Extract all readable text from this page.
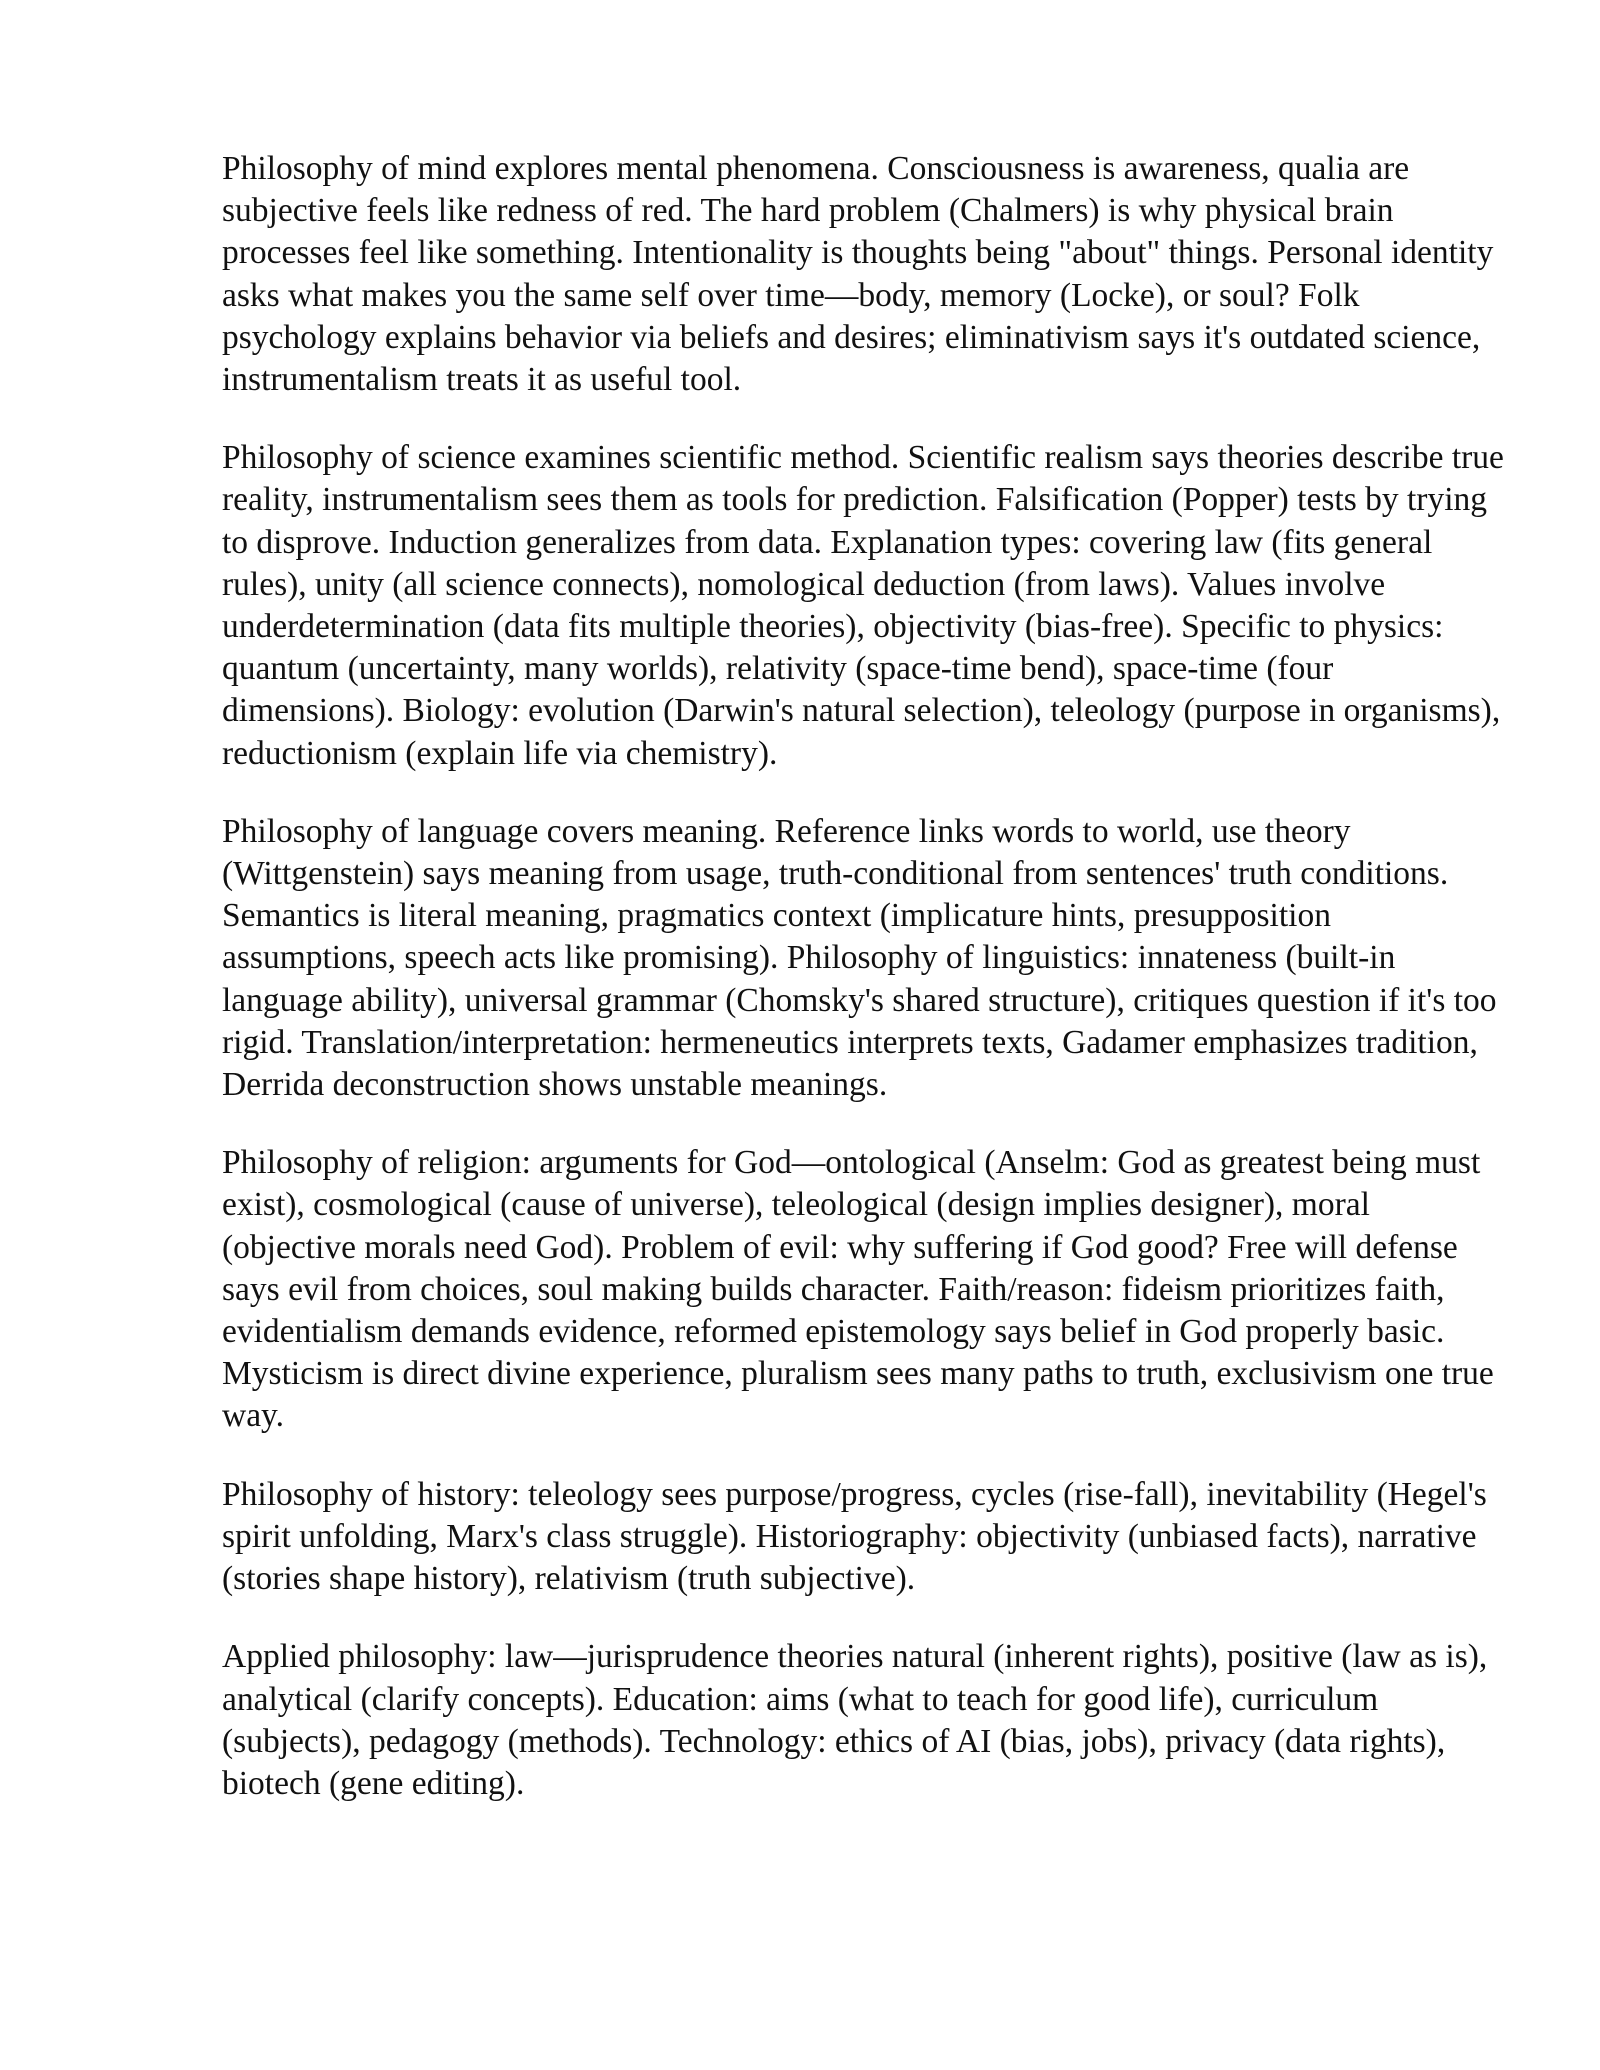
Philosophy of mind explores mental phenomena. Consciousness is awareness, qualia are subjective feels like redness of red. The hard problem (Chalmers) is why physical brain processes feel like something. Intentionality is thoughts being "about" things. Personal identity asks what makes you the same self over time—body, memory (Locke), or soul? Folk psychology explains behavior via beliefs and desires; eliminativism says it's outdated science, instrumentalism treats it as useful tool.

Philosophy of science examines scientific method. Scientific realism says theories describe true reality, instrumentalism sees them as tools for prediction. Falsification (Popper) tests by trying to disprove. Induction generalizes from data. Explanation types: covering law (fits general rules), unity (all science connects), nomological deduction (from laws). Values involve underdetermination (data fits multiple theories), objectivity (bias-free). Specific to physics: quantum (uncertainty, many worlds), relativity (space-time bend), space-time (four dimensions). Biology: evolution (Darwin's natural selection), teleology (purpose in organisms), reductionism (explain life via chemistry).

Philosophy of language covers meaning. Reference links words to world, use theory (Wittgenstein) says meaning from usage, truth-conditional from sentences' truth conditions. Semantics is literal meaning, pragmatics context (implicature hints, presupposition assumptions, speech acts like promising). Philosophy of linguistics: innateness (built-in language ability), universal grammar (Chomsky's shared structure), critiques question if it's too rigid. Translation/interpretation: hermeneutics interprets texts, Gadamer emphasizes tradition, Derrida deconstruction shows unstable meanings.

Philosophy of religion: arguments for God—ontological (Anselm: God as greatest being must exist), cosmological (cause of universe), teleological (design implies designer), moral (objective morals need God). Problem of evil: why suffering if God good? Free will defense says evil from choices, soul making builds character. Faith/reason: fideism prioritizes faith, evidentialism demands evidence, reformed epistemology says belief in God properly basic. Mysticism is direct divine experience, pluralism sees many paths to truth, exclusivism one true way.

Philosophy of history: teleology sees purpose/progress, cycles (rise-fall), inevitability (Hegel's spirit unfolding, Marx's class struggle). Historiography: objectivity (unbiased facts), narrative (stories shape history), relativism (truth subjective).

Applied philosophy: law—jurisprudence theories natural (inherent rights), positive (law as is), analytical (clarify concepts). Education: aims (what to teach for good life), curriculum (subjects), pedagogy (methods). Technology: ethics of AI (bias, jobs), privacy (data rights), biotech (gene editing).
